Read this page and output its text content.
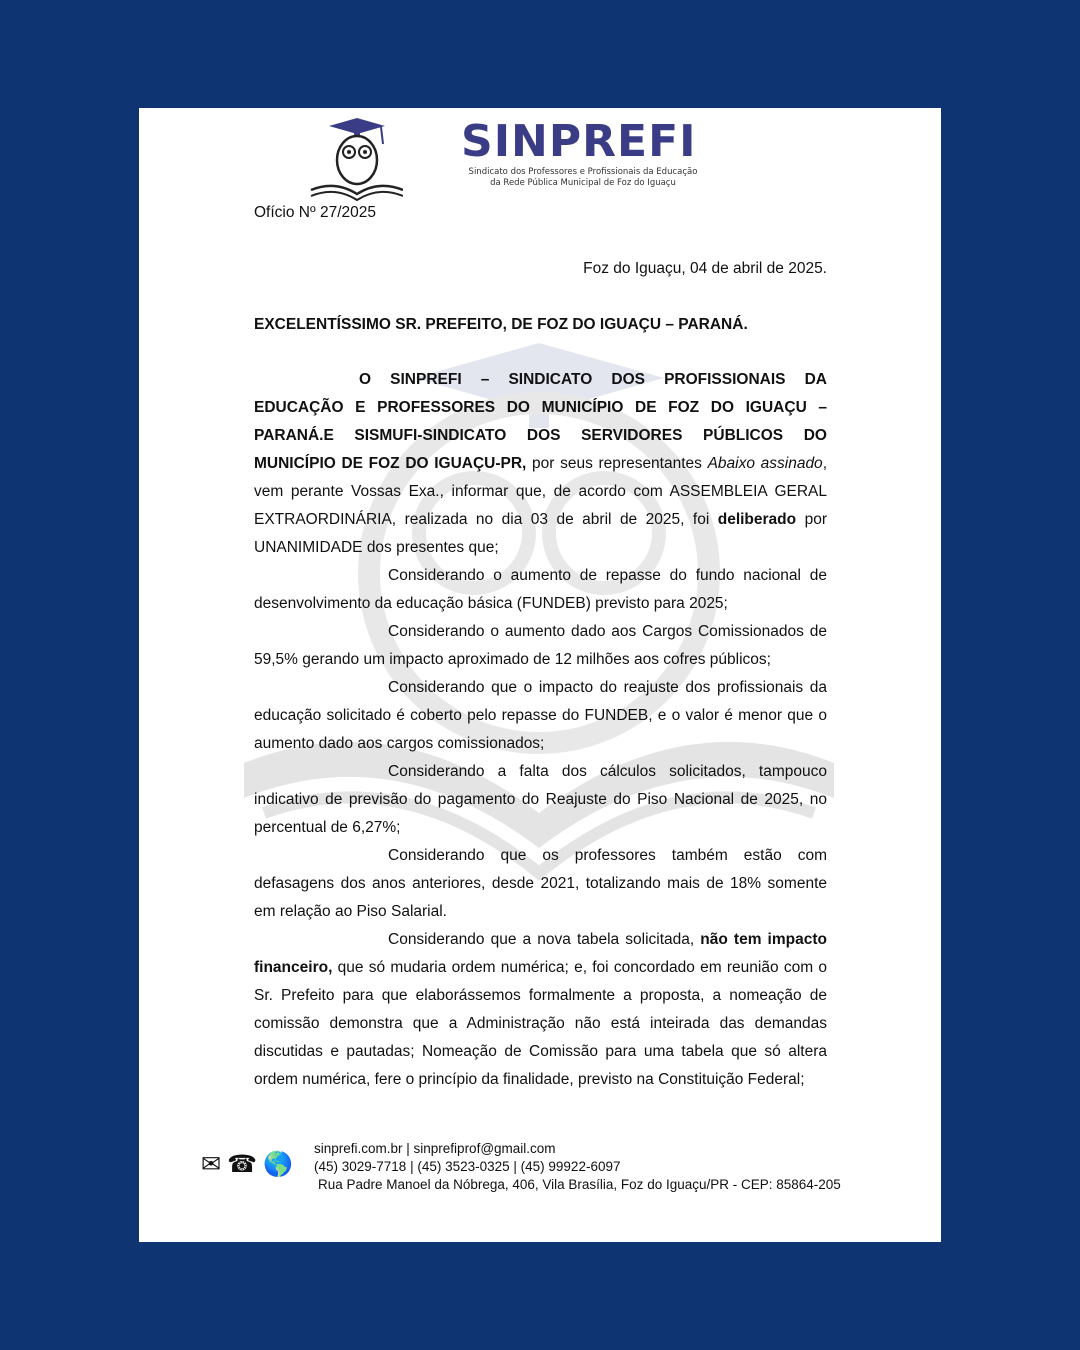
SINPREFI
Sindicato dos Professores e Profissionais da Educação
da Rede Pública Municipal de Foz do Iguaçu
Ofício Nº 27/2025
Foz do Iguaçu, 04 de abril de 2025.
EXCELENTÍSSIMO SR. PREFEITO, DE FOZ DO IGUAÇU – PARANÁ.

O SINPREFI – SINDICATO DOS PROFISSIONAIS DA EDUCAÇÃO E PROFESSORES DO MUNICÍPIO DE FOZ DO IGUAÇU – PARANÁ.E SISMUFI-SINDICATO DOS SERVIDORES PÚBLICOS DO MUNICÍPIO DE FOZ DO IGUAÇU-PR, por seus representantes Abaixo assinado, vem perante Vossas Exa., informar que, de acordo com ASSEMBLEIA GERAL EXTRAORDINÁRIA, realizada no dia 03 de abril de 2025, foi deliberado por UNANIMIDADE dos presentes que;

Considerando o aumento de repasse do fundo nacional de desenvolvimento da educação básica (FUNDEB) previsto para 2025;

Considerando o aumento dado aos Cargos Comissionados de 59,5% gerando um impacto aproximado de 12 milhões aos cofres públicos;

Considerando que o impacto do reajuste dos profissionais da educação solicitado é coberto pelo repasse do FUNDEB, e o valor é menor que o aumento dado aos cargos comissionados;

Considerando a falta dos cálculos solicitados, tampouco indicativo de previsão do pagamento do Reajuste do Piso Nacional de 2025, no percentual de 6,27%;

Considerando que os professores também estão com defasagens dos anos anteriores, desde 2021, totalizando mais de 18% somente em relação ao Piso Salarial.

Considerando que a nova tabela solicitada, não tem impacto financeiro, que só mudaria ordem numérica; e, foi concordado em reunião com o Sr. Prefeito para que elaborássemos formalmente a proposta, a nomeação de comissão demonstra que a Administração não está inteirada das demandas discutidas e pautadas; Nomeação de Comissão para uma tabela que só altera ordem numérica, fere o princípio da finalidade, previsto na Constituição Federal;

✉ ☎ 🌎
sinprefi.com.br | sinprefiprof@gmail.com
(45) 3029-7718 | (45) 3523-0325 | (45) 99922-6097
Rua Padre Manoel da Nóbrega, 406, Vila Brasília, Foz do Iguaçu/PR - CEP: 85864-205
